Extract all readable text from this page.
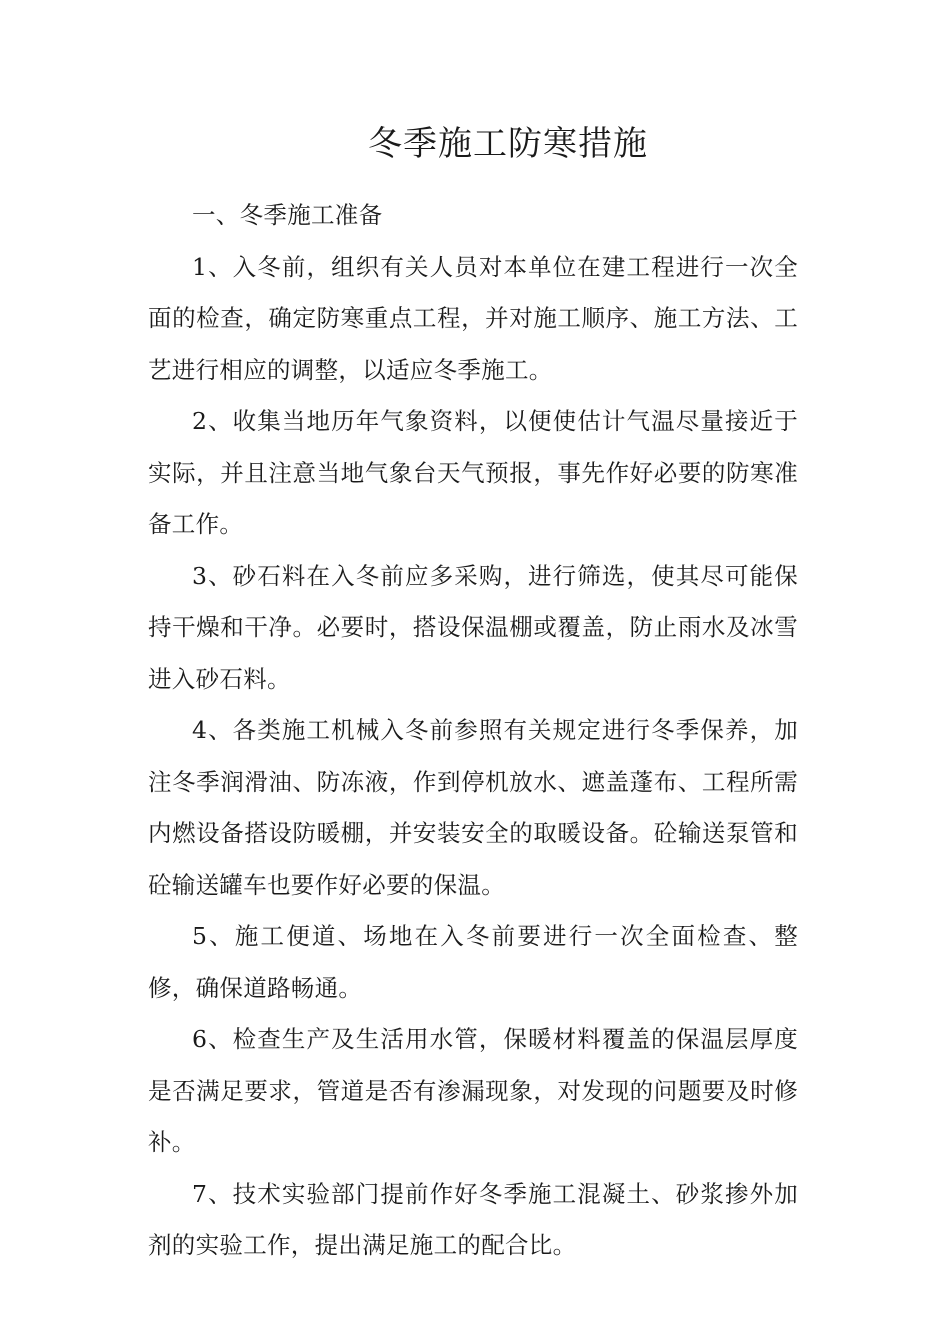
冬季施工防寒措施

一、冬季施工准备

1、入冬前，组织有关人员对本单位在建工程进行一次全面的检查，确定防寒重点工程，并对施工顺序、施工方法、工艺进行相应的调整，以适应冬季施工。

2、收集当地历年气象资料，以便使估计气温尽量接近于实际，并且注意当地气象台天气预报，事先作好必要的防寒准备工作。

3、砂石料在入冬前应多采购，进行筛选，使其尽可能保持干燥和干净。必要时，搭设保温棚或覆盖，防止雨水及冰雪进入砂石料。

4、各类施工机械入冬前参照有关规定进行冬季保养，加注冬季润滑油、防冻液，作到停机放水、遮盖蓬布、工程所需内燃设备搭设防暖棚，并安装安全的取暖设备。砼输送泵管和砼输送罐车也要作好必要的保温。

5、施工便道、场地在入冬前要进行一次全面检查、整修，确保道路畅通。

6、检查生产及生活用水管，保暖材料覆盖的保温层厚度是否满足要求，管道是否有渗漏现象，对发现的问题要及时修补。

7、技术实验部门提前作好冬季施工混凝土、砂浆掺外加剂的实验工作，提出满足施工的配合比。
